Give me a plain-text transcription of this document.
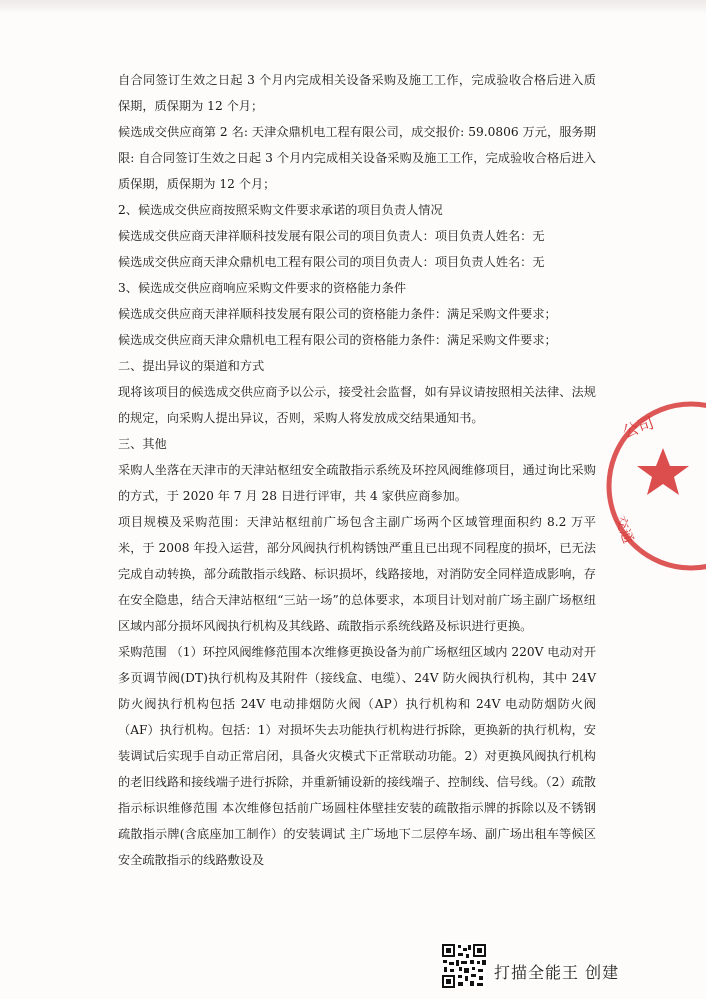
自合同签订生效之日起 3 个月内完成相关设备采购及施工工作，完成验收合格后进入质保期，质保期为 12 个月；

候选成交供应商第 2 名: 天津众鼎机电工程有限公司，成交报价: 59.0806 万元，服务期限: 自合同签订生效之日起 3 个月内完成相关设备采购及施工工作，完成验收合格后进入质保期，质保期为 12 个月；

2、候选成交供应商按照采购文件要求承诺的项目负责人情况

候选成交供应商天津祥顺科技发展有限公司的项目负责人：项目负责人姓名：无

候选成交供应商天津众鼎机电工程有限公司的项目负责人：项目负责人姓名：无

3、候选成交供应商响应采购文件要求的资格能力条件

候选成交供应商天津祥顺科技发展有限公司的资格能力条件：满足采购文件要求；

候选成交供应商天津众鼎机电工程有限公司的资格能力条件：满足采购文件要求；

二、提出异议的渠道和方式

现将该项目的候选成交供应商予以公示，接受社会监督，如有异议请按照相关法律、法规的规定，向采购人提出异议，否则，采购人将发放成交结果通知书。

三、其他

采购人坐落在天津市的天津站枢纽安全疏散指示系统及环控风阀维修项目，通过询比采购的方式，于 2020 年 7 月 28 日进行评审，共 4 家供应商参加。

项目规模及采购范围：天津站枢纽前广场包含主副广场两个区域管理面积约 8.2 万平米，于 2008 年投入运营，部分风阀执行机构锈蚀严重且已出现不同程度的损坏，已无法完成自动转换，部分疏散指示线路、标识损坏，线路接地，对消防安全同样造成影响，存在安全隐患，结合天津站枢纽“三站一场”的总体要求，本项目计划对前广场主副广场枢纽区域内部分损坏风阀执行机构及其线路、疏散指示系统线路及标识进行更换。

采购范围 （1）环控风阀维修范围本次维修更换设备为前广场枢纽区域内 220V 电动对开多页调节阀(DT)执行机构及其附件（接线盒、电缆）、24V 防火阀执行机构，其中 24V 防火阀执行机构包括 24V 电动排烟防火阀（AP）执行机构和 24V 电动防烟防火阀（AF）执行机构。包括：1）对损坏失去功能执行机构进行拆除，更换新的执行机构，安装调试后实现手自动正常启闭，具备火灾模式下正常联动功能。2）对更换风阀执行机构的老旧线路和接线端子进行拆除，并重新铺设新的接线端子、控制线、信号线。（2）疏散指示标识维修范围 本次维修包括前广场圆柱体壁挂安装的疏散指示牌的拆除以及不锈钢疏散指示牌(含底座加工制作）的安装调试 主广场地下二层停车场、副广场出租车等候区安全疏散指示的线路敷设及

公司
交通
打描全能王 创建
